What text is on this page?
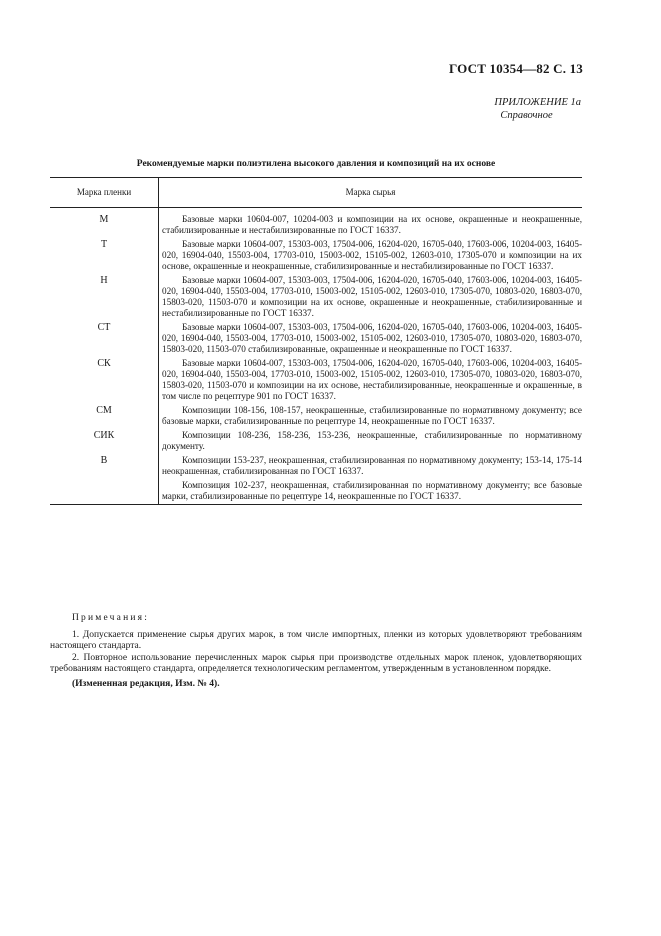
ГОСТ 10354—82 С. 13
ПРИЛОЖЕНИЕ 1а
Справочное
Рекомендуемые марки полиэтилена высокого давления и композиций на их основе
Марка пленки	Марка сырья

М	Базовые марки 10604-007, 10204-003 и композиции на их основе, окрашенные и неокрашенные, стабилизированные и нестабилизированные по ГОСТ 16337.

Т	Базовые марки 10604-007, 15303-003, 17504-006, 16204-020, 16705-040, 17603-006, 10204-003, 16405-020, 16904-040, 15503-004, 17703-010, 15003-002, 15105-002, 12603-010, 17305-070 и композиции на их основе, окрашенные и неокрашенные, стабилизированные и нестабилизированные по ГОСТ 16337.

Н	Базовые марки 10604-007, 15303-003, 17504-006, 16204-020, 16705-040, 17603-006, 10204-003, 16405-020, 16904-040, 15503-004, 17703-010, 15003-002, 15105-002, 12603-010, 17305-070, 10803-020, 16803-070, 15803-020, 11503-070 и композиции на их основе, окрашенные и неокрашенные, стабилизированные и нестабилизированные по ГОСТ 16337.

СТ	Базовые марки 10604-007, 15303-003, 17504-006, 16204-020, 16705-040, 17603-006, 10204-003, 16405-020, 16904-040, 15503-004, 17703-010, 15003-002, 15105-002, 12603-010, 17305-070, 10803-020, 16803-070, 15803-020, 11503-070 стабилизированные, окрашенные и неокрашенные по ГОСТ 16337.

СК	Базовые марки 10604-007, 15303-003, 17504-006, 16204-020, 16705-040, 17603-006, 10204-003, 16405-020, 16904-040, 15503-004, 17703-010, 15003-002, 15105-002, 12603-010, 17305-070, 10803-020, 16803-070, 15803-020, 11503-070 и композиции на их основе, нестабилизированные, неокрашенные и окрашенные, в том числе по рецептуре 901 по ГОСТ 16337.

СМ	Композиции 108-156, 108-157, неокрашенные, стабилизированные по нормативному документу; все базовые марки, стабилизированные по рецептуре 14, неокрашенные по ГОСТ 16337.

СИК	Композиции 108-236, 158-236, 153-236, неокрашенные, стабилизированные по нормативному документу.

В	Композиции 153-237, неокрашенная, стабилизированная по нормативному документу; 153-14, 175-14 неокрашенная, стабилизированная по ГОСТ 16337.
Композиция 102-237, неокрашенная, стабилизированная по нормативному документу; все базовые марки, стабилизированные по рецептуре 14, неокрашенные по ГОСТ 16337.
Примечания:
1. Допускается применение сырья других марок, в том числе импортных, пленки из которых удовлетворяют требованиям настоящего стандарта.
2. Повторное использование перечисленных марок сырья при производстве отдельных марок пленок, удовлетворяющих требованиям настоящего стандарта, определяется технологическим регламентом, утвержденным в установленном порядке.
(Измененная редакция, Изм. № 4).
